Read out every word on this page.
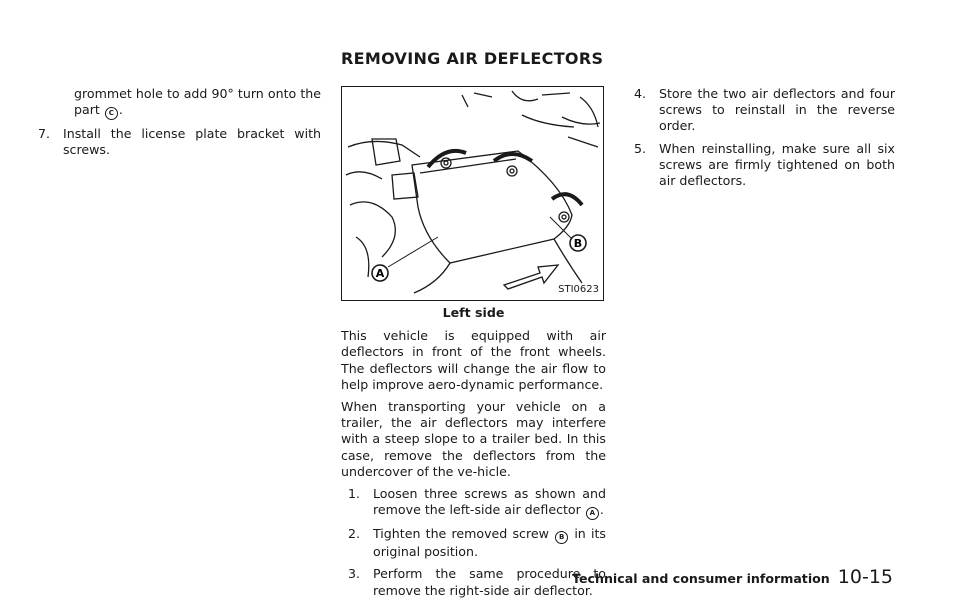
REMOVING AIR DEFLECTORS
grommet hole to add 90° turn onto the part C .
7. Install the license plate bracket with screws.
A
B
STI0623
Left side

This vehicle is equipped with air deflectors in front of the front wheels. The deflectors will change the air flow to help improve aero-dynamic performance.

When transporting your vehicle on a trailer, the air deflectors may interfere with a steep slope to a trailer bed. In this case, remove the deflectors from the undercover of the ve-hicle.

1. Loosen three screws as shown and remove the left-side air deflector A .
2. Tighten the removed screw B in its original position.
3. Perform the same procedure to remove the right-side air deflector.
4. Store the two air deflectors and four screws to reinstall in the reverse order.
5. When reinstalling, make sure all six screws are firmly tightened on both air deflectors.
Technical and consumer information 10-15
